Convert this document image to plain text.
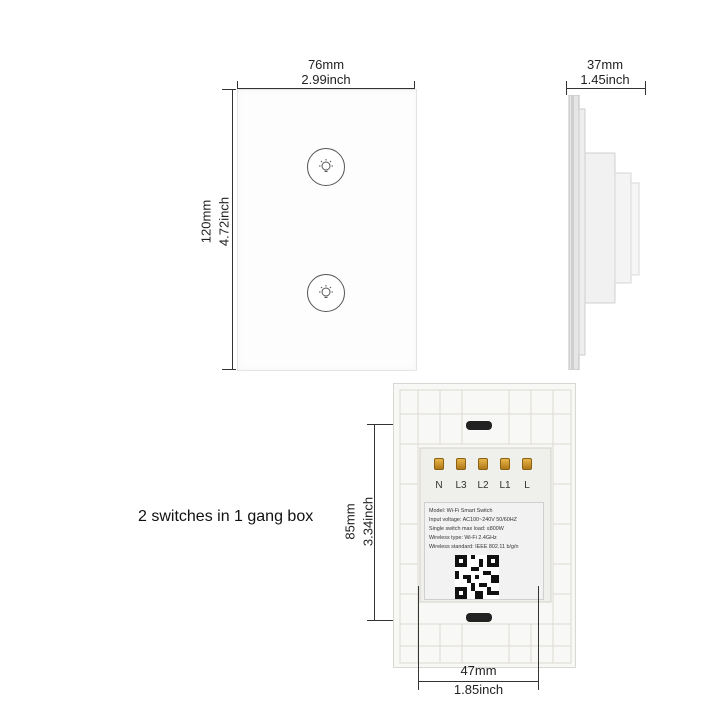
76mm
2.99inch
120mm 4.72inch
37mm
1.45inch
2 switches in 1 gang box 85mm 3.34inch
N	L3 L2 L1	L
Model: Wi-Fi Smart Switch
Input voltage: AC100~240V 50/60HZ
Single switch max load: ≤800W
Wireless type: Wi-Fi 2.4GHz
Wireless standard: IEEE 802.11 b/g/n
47mm
1.85inch
